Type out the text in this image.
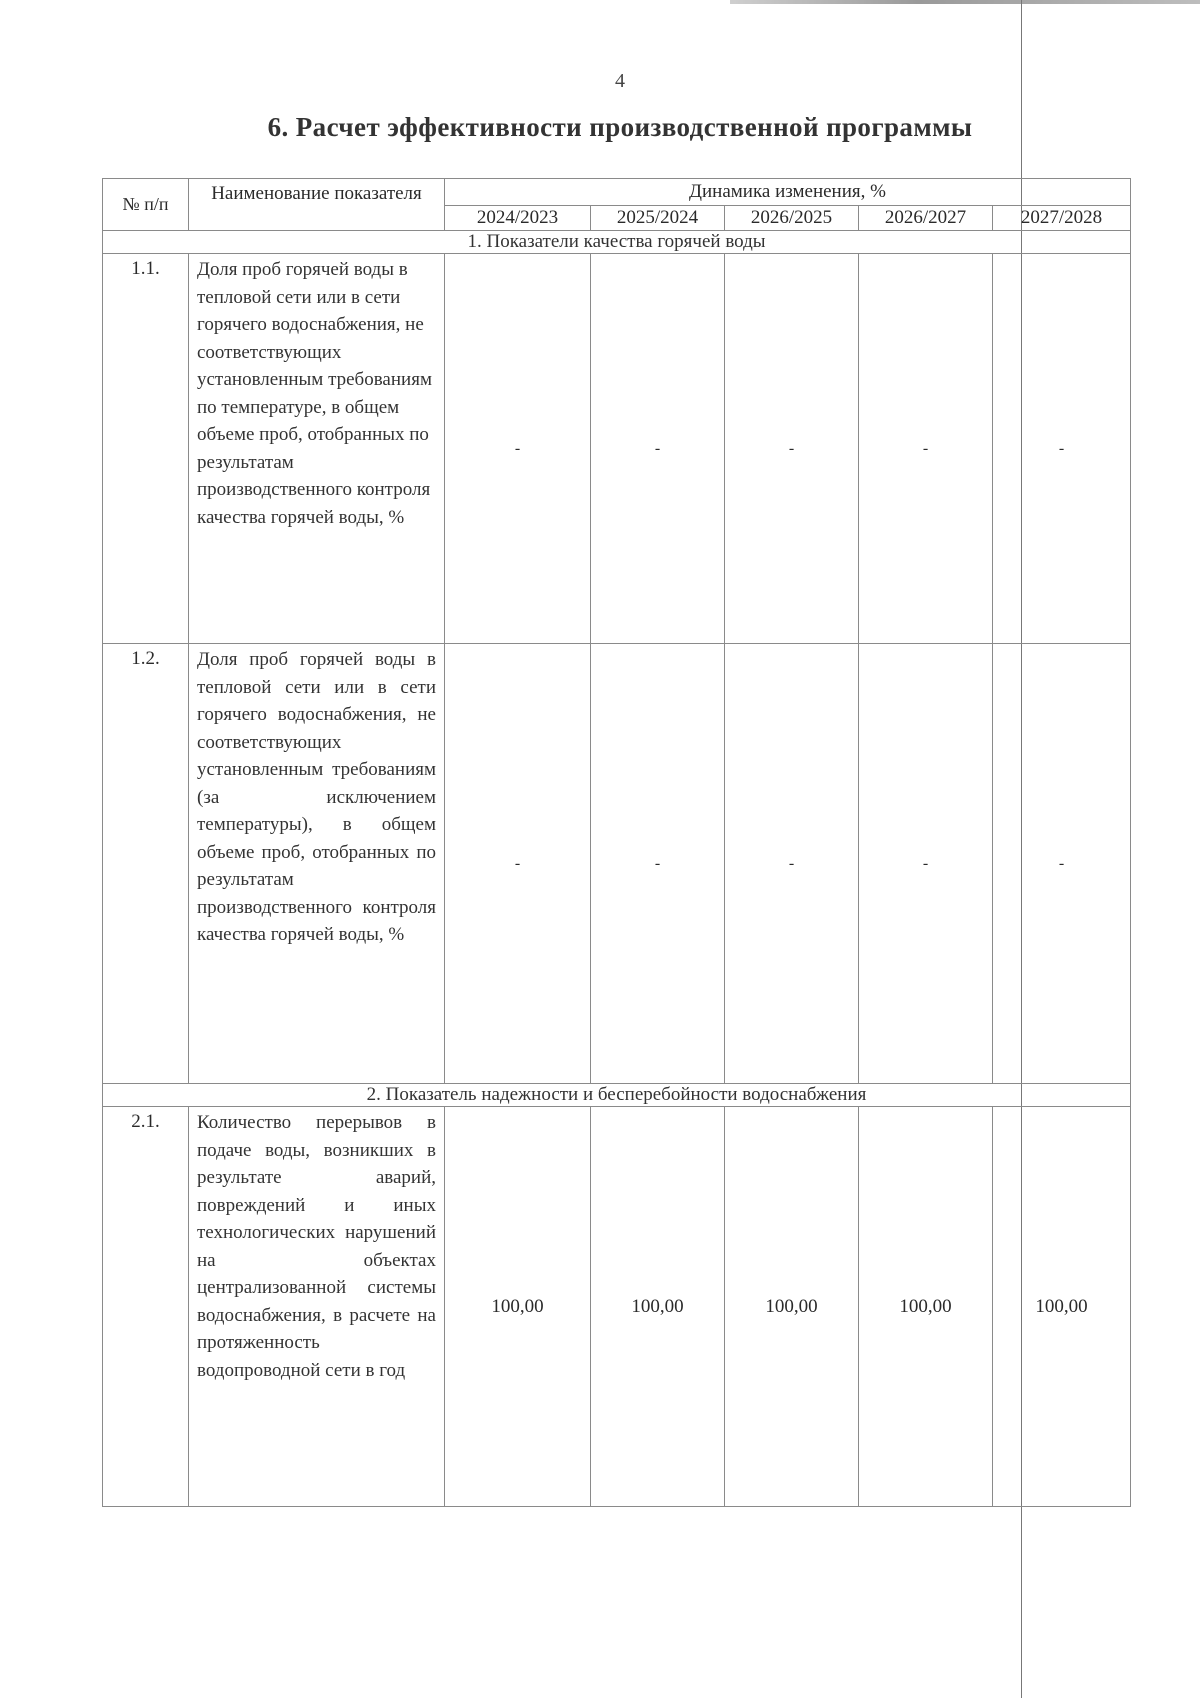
4
6. Расчет эффективности производственной программы
№ п/п	Наименование показателя	Динамика изменения, %				
		2024/2023	2025/2024	2026/2025	2026/2027	2027/2028
1. Показатели качества горячей воды						
1.1.	Доля проб горячей воды в тепловой сети или в сети горячего водоснабжения, не соответствующих установленным требованиям по температуре, в общем объеме проб, отобранных по результатам производственного контроля качества горячей воды, %	-	-	-	-	-
1.2.	Доля проб горячей воды в тепловой сети или в сети горячего водоснабжения, не соответствующих установленным требованиям (за исключением температуры), в общем объеме проб, отобранных по результатам производственного контроля качества горячей воды, %	-	-	-	-	-
2. Показатель надежности и бесперебойности водоснабжения						
2.1.	Количество перерывов в подаче воды, возникших в результате аварий, повреждений и иных технологических нарушений на объектах централизованной системы водоснабжения, в расчете на протяженность водопроводной сети в год	100,00	100,00	100,00	100,00	100,00
